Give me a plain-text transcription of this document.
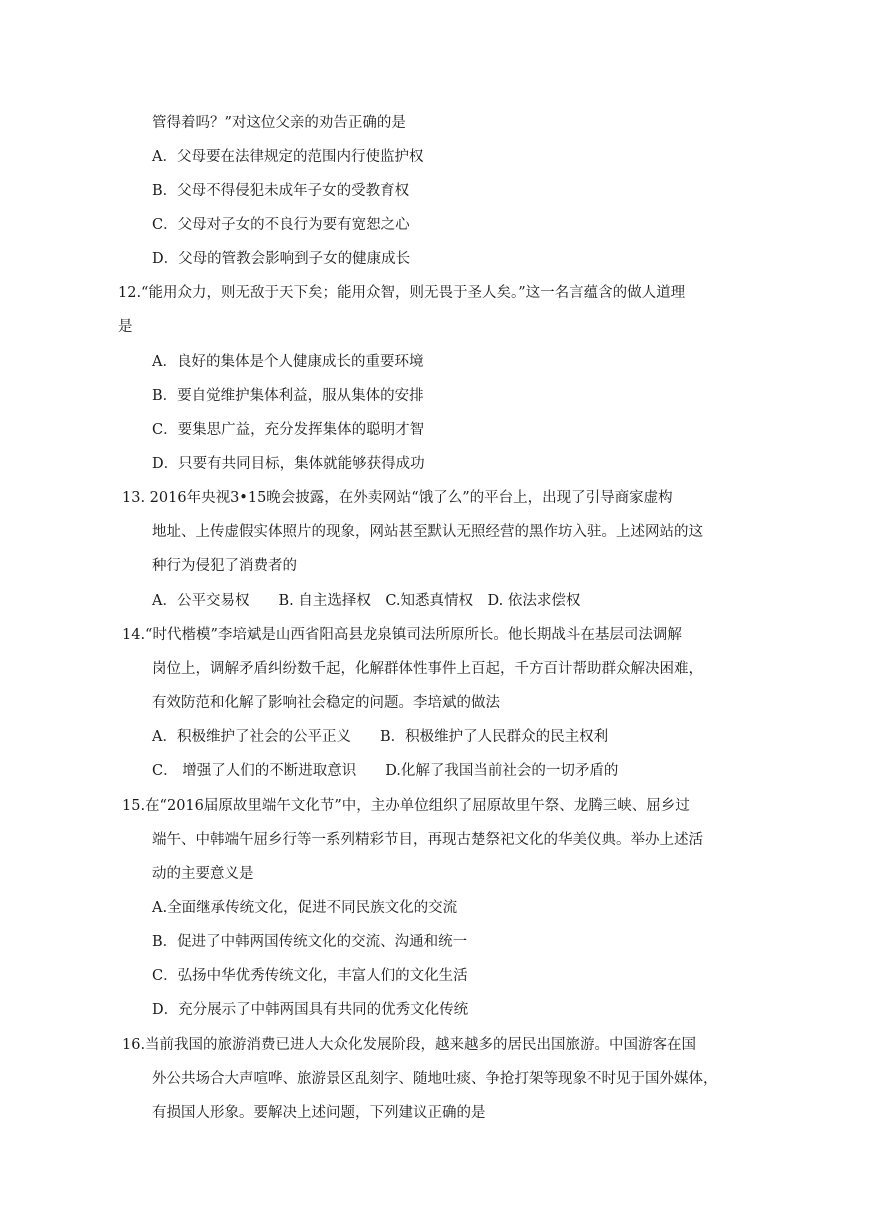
管得着吗？”对这位父亲的劝告正确的是
A．父母要在法律规定的范围内行使监护权
B．父母不得侵犯未成年子女的受教育权
C．父母对子女的不良行为要有宽恕之心
D．父母的管教会影响到子女的健康成长
12.“能用众力，则无敌于天下矣；能用众智，则无畏于圣人矣。”这一名言蕴含的做人道理
是
A．良好的集体是个人健康成长的重要环境
B．要自觉维护集体利益，服从集体的安排
C．要集思广益，充分发挥集体的聪明才智
D．只要有共同目标，集体就能够获得成功
13. 2016年央视3•15晚会披露，在外卖网站“饿了么”的平台上，出现了引导商家虚构
地址、上传虚假实体照片的现象，网站甚至默认无照经营的黑作坊入驻。上述网站的这
种行为侵犯了消费者的
A．公平交易权　　B. 自主选择权　C.知悉真情权　D. 依法求偿权
14.“时代楷模”李培斌是山西省阳高县龙泉镇司法所原所长。他长期战斗在基层司法调解
岗位上，调解矛盾纠纷数千起，化解群体性事件上百起，千方百计帮助群众解决困难，
有效防范和化解了影响社会稳定的问题。李培斌的做法
A．积极维护了社会的公平正义　　B．积极维护了人民群众的民主权利
C． 增强了人们的不断进取意识　　D.化解了我国当前社会的一切矛盾的
15.在“2016届原故里端午文化节”中，主办单位组织了屈原故里午祭、龙腾三峡、屈乡过
端午、中韩端午屈乡行等一系列精彩节目，再现古楚祭祀文化的华美仪典。举办上述活
动的主要意义是
A.全面继承传统文化，促进不同民族文化的交流
B．促进了中韩两国传统文化的交流、沟通和统一
C．弘扬中华优秀传统文化，丰富人们的文化生活
D．充分展示了中韩两国具有共同的优秀文化传统
16.当前我国的旅游消费已进人大众化发展阶段，越来越多的居民出国旅游。中国游客在国
外公共场合大声喧哗、旅游景区乱刻字、随地吐痰、争抢打架等现象不时见于国外媒体，
有损国人形象。要解决上述问题，下列建议正确的是
